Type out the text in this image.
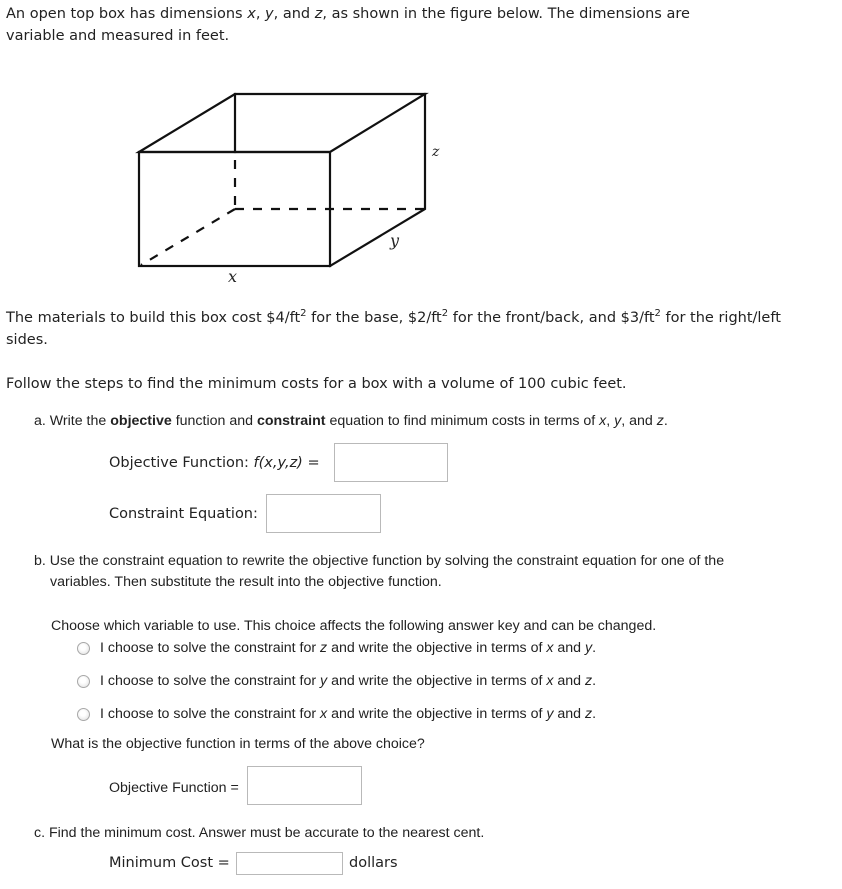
An open top box has dimensions x, y, and z, as shown in the figure below. The dimensions are
variable and measured in feet.
z
y
x
The materials to build this box cost $\$4/ft^2$ for the base, $\$2/ft^2$ for the front/back, and $\$3/ft^2$ for the right/left sides.
Follow the steps to find the minimum costs for a box with a volume of 100 cubic feet.
a. Write the objective function and constraint equation to find minimum costs in terms of x, y, and z.
Objective Function: f(x,y,z) =
Constraint Equation:
b. Use the constraint equation to rewrite the objective function by solving the constraint equation for one of the
variables. Then substitute the result into the objective function.
Choose which variable to use. This choice affects the following answer key and can be changed.
I choose to solve the constraint for z and write the objective in terms of x and y.
I choose to solve the constraint for y and write the objective in terms of x and z.
I choose to solve the constraint for x and write the objective in terms of y and z.
What is the objective function in terms of the above choice?
Objective Function =
c. Find the minimum cost. Answer must be accurate to the nearest cent.
Minimum Cost =	dollars
